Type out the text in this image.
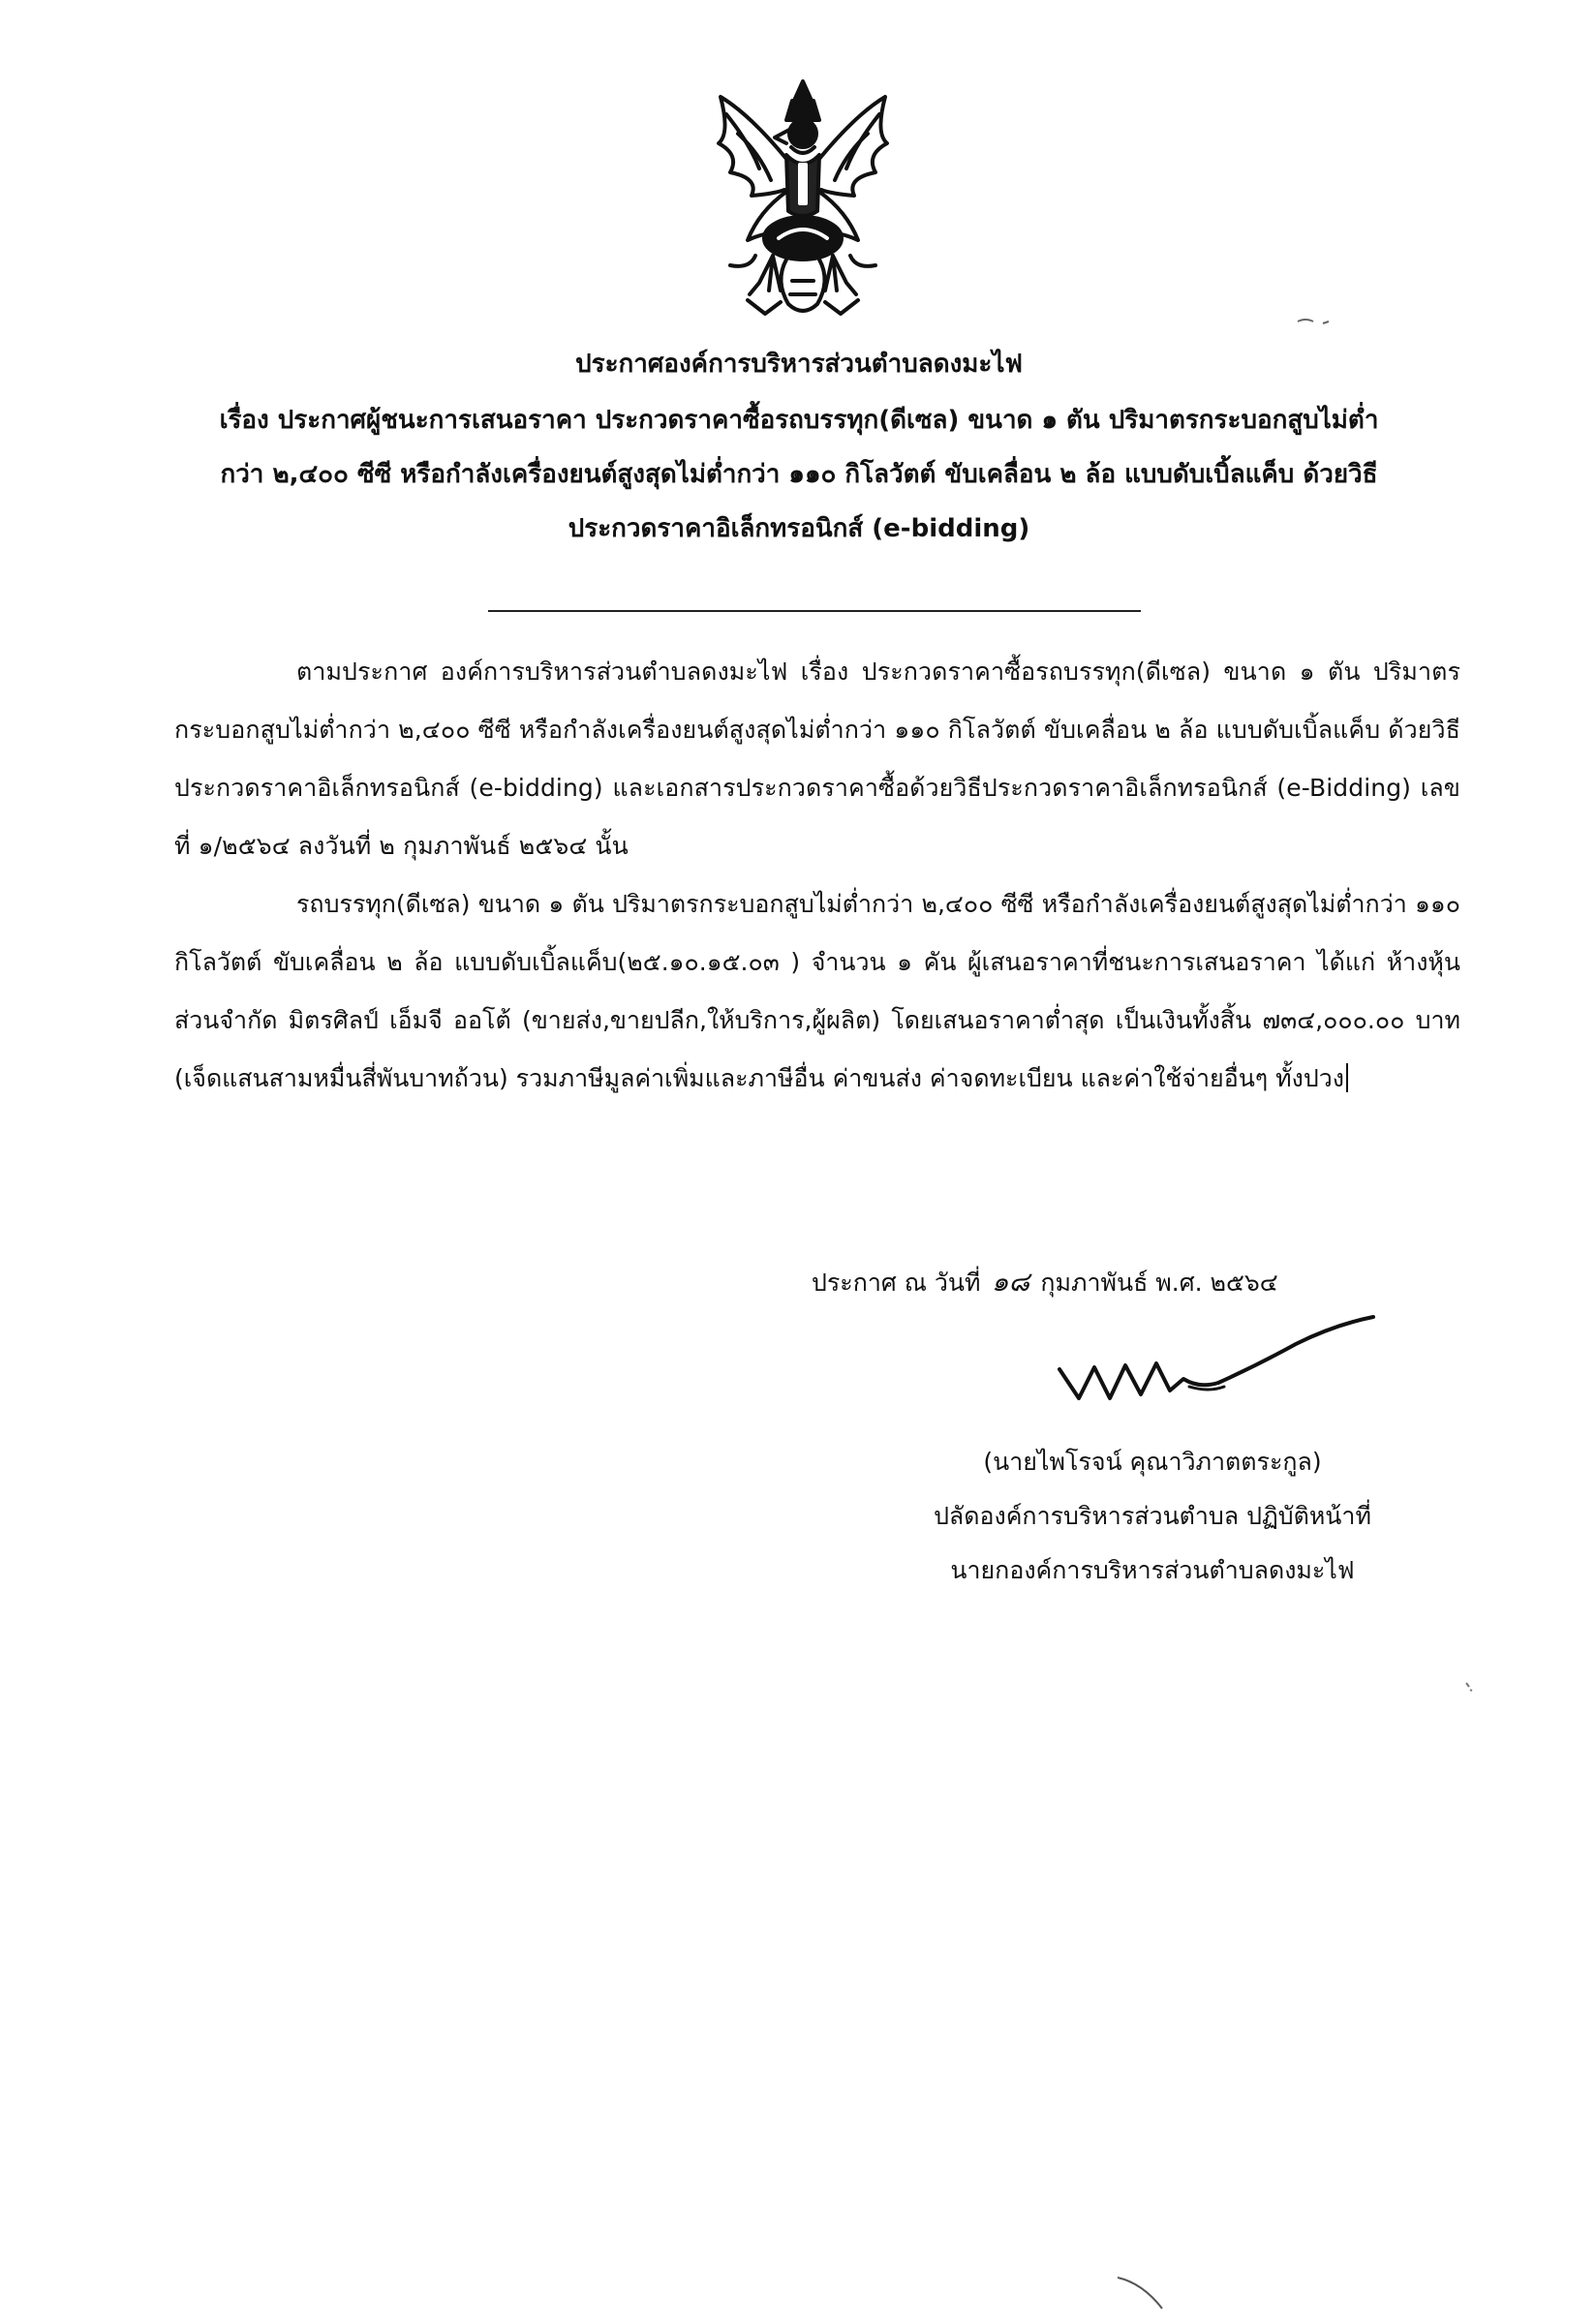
ประกาศองค์การบริหารส่วนตำบลดงมะไฟ
เรื่อง ประกาศผู้ชนะการเสนอราคา ประกวดราคาซื้อรถบรรทุก(ดีเซล) ขนาด ๑ ตัน ปริมาตรกระบอกสูบไม่ต่ำ
กว่า ๒,๔๐๐ ซีซี หรือกำลังเครื่องยนต์สูงสุดไม่ต่ำกว่า ๑๑๐ กิโลวัตต์ ขับเคลื่อน ๒ ล้อ แบบดับเบิ้ลแค็บ ด้วยวิธี
ประกวดราคาอิเล็กทรอนิกส์ (e-bidding)

ตามประกาศ องค์การบริหารส่วนตำบลดงมะไฟ เรื่อง ประกวดราคาซื้อรถบรรทุก(ดีเซล) ขนาด ๑ ตัน ปริมาตรกระบอกสูบไม่ต่ำกว่า ๒,๔๐๐ ซีซี หรือกำลังเครื่องยนต์สูงสุดไม่ต่ำกว่า ๑๑๐ กิโลวัตต์ ขับเคลื่อน ๒ ล้อ แบบดับเบิ้ลแค็บ ด้วยวิธีประกวดราคาอิเล็กทรอนิกส์ (e-bidding) และเอกสารประกวดราคาซื้อด้วยวิธีประกวดราคาอิเล็กทรอนิกส์ (e-Bidding) เลขที่ ๑/๒๕๖๔ ลงวันที่ ๒ กุมภาพันธ์ ๒๕๖๔ นั้น

รถบรรทุก(ดีเซล) ขนาด ๑ ตัน ปริมาตรกระบอกสูบไม่ต่ำกว่า ๒,๔๐๐ ซีซี หรือกำลังเครื่องยนต์สูงสุดไม่ต่ำกว่า ๑๑๐ กิโลวัตต์ ขับเคลื่อน ๒ ล้อ แบบดับเบิ้ลแค็บ(๒๕.๑๐.๑๕.๐๓ ) จำนวน ๑ คัน ผู้เสนอราคาที่ชนะการเสนอราคา ได้แก่ ห้างหุ้นส่วนจำกัด มิตรศิลป์ เอ็มจี ออโต้ (ขายส่ง,ขายปลีก,ให้บริการ,ผู้ผลิต) โดยเสนอราคาต่ำสุด เป็นเงินทั้งสิ้น ๗๓๔,๐๐๐.๐๐ บาท (เจ็ดแสนสามหมื่นสี่พันบาทถ้วน) รวมภาษีมูลค่าเพิ่มและภาษีอื่น ค่าขนส่ง ค่าจดทะเบียน และค่าใช้จ่ายอื่นๆ ทั้งปวง

ประกาศ ณ วันที่ ๑๘ กุมภาพันธ์ พ.ศ. ๒๕๖๔
(นายไพโรจน์ คุณาวิภาตตระกูล)
ปลัดองค์การบริหารส่วนตำบล ปฏิบัติหน้าที่
นายกองค์การบริหารส่วนตำบลดงมะไฟ
